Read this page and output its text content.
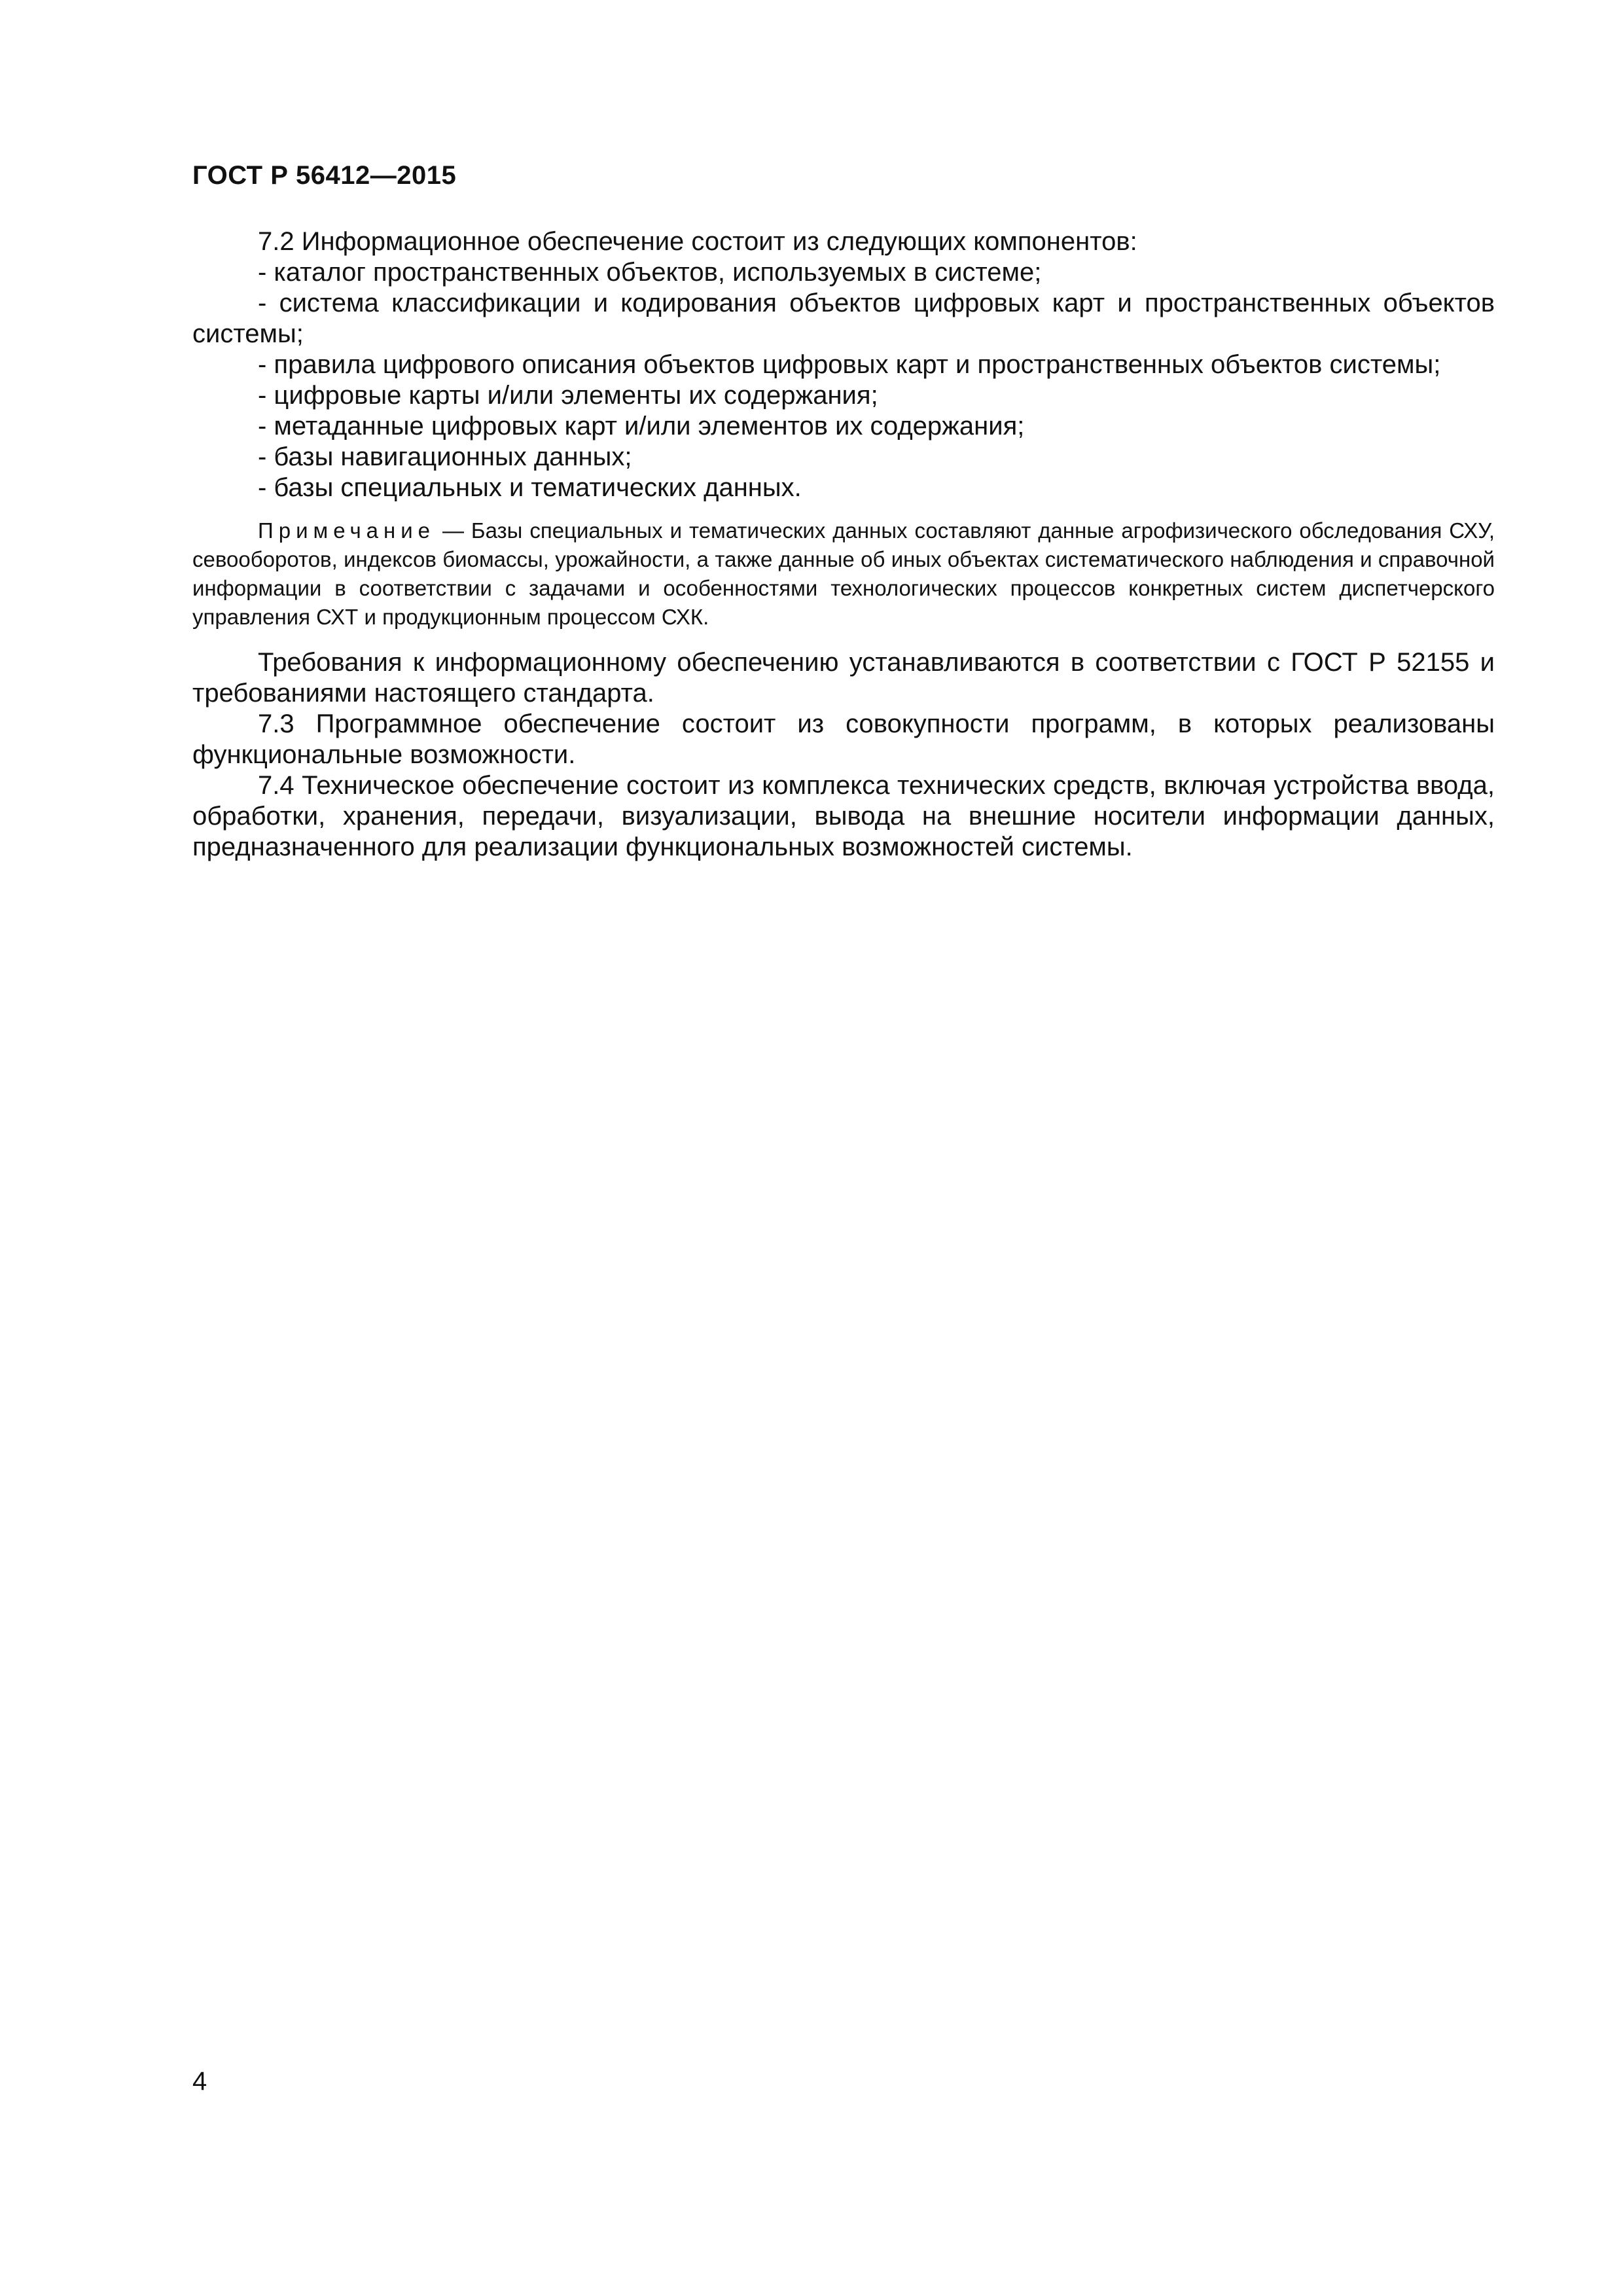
ГОСТ Р 56412—2015

7.2 Информационное обеспечение состоит из следующих компонентов:

- каталог пространственных объектов, используемых в системе;

- система классификации и кодирования объектов цифровых карт и пространственных объектов системы;

- правила цифрового описания объектов цифровых карт и пространственных объектов системы;

- цифровые карты и/или элементы их содержания;

- метаданные цифровых карт и/или элементов их содержания;

- базы навигационных данных;

- базы специальных и тематических данных.

Примечание — Базы специальных и тематических данных составляют данные агрофизического обследования СХУ, севооборотов, индексов биомассы, урожайности, а также данные об иных объектах систематического наблюдения и справочной информации в соответствии с задачами и особенностями технологических процессов конкретных систем диспетчерского управления СХТ и продукционным процессом СХК.

Требования к информационному обеспечению устанавливаются в соответствии с ГОСТ Р 52155 и требованиями настоящего стандарта.

7.3 Программное обеспечение состоит из совокупности программ, в которых реализованы функциональные возможности.

7.4 Техническое обеспечение состоит из комплекса технических средств, включая устройства ввода, обработки, хранения, передачи, визуализации, вывода на внешние носители информации данных, предназначенного для реализации функциональных возможностей системы.

4
